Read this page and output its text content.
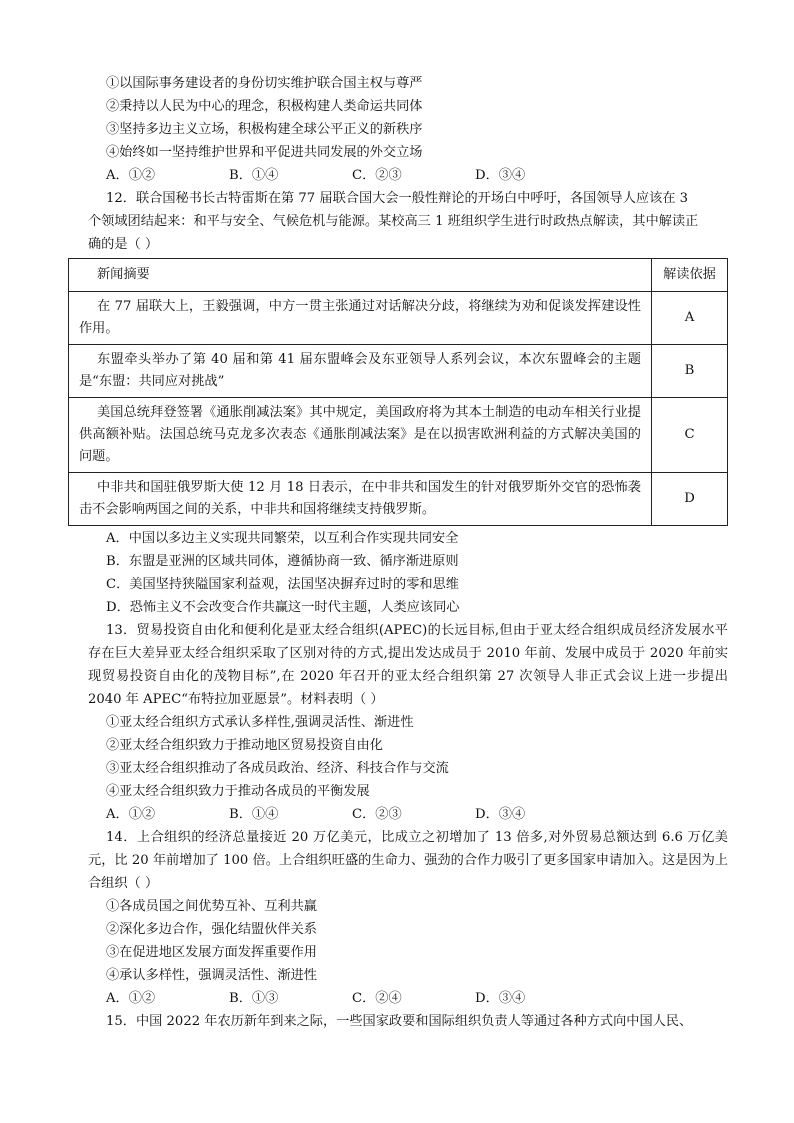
①以国际事务建设者的身份切实维护联合国主权与尊严
②秉持以人民为中心的理念，积极构建人类命运共同体
③坚持多边主义立场，积极构建全球公平正义的新秩序
④始终如一坚持维护世界和平促进共同发展的外交立场
A．①②	B．①④	C．②③	D．③④
12．联合国秘书长古特雷斯在第 77 届联合国大会一般性辩论的开场白中呼吁，各国领导人应该在 3
个领域团结起来：和平与安全、气候危机与能源。某校高三 1 班组织学生进行时政热点解读，其中解读正
确的是（ ）
新闻摘要	解读依据
在 77 届联大上，王毅强调，中方一贯主张通过对话解决分歧，将继续为劝和促谈发挥建设性作用。	A
东盟牵头举办了第 40 届和第 41 届东盟峰会及东亚领导人系列会议，本次东盟峰会的主题是“东盟：共同应对挑战”	B
美国总统拜登签署《通胀削减法案》其中规定，美国政府将为其本土制造的电动车相关行业提供高额补贴。法国总统马克龙多次表态《通胀削减法案》是在以损害欧洲利益的方式解决美国的问题。	C
中非共和国驻俄罗斯大使 12 月 18 日表示，在中非共和国发生的针对俄罗斯外交官的恐怖袭击不会影响两国之间的关系，中非共和国将继续支持俄罗斯。	D
A．中国以多边主义实现共同繁荣，以互利合作实现共同安全
B．东盟是亚洲的区域共同体，遵循协商一致、循序渐进原则
C．美国坚持狭隘国家利益观，法国坚决摒弃过时的零和思维
D．恐怖主义不会改变合作共赢这一时代主题，人类应该同心
13．贸易投资自由化和便利化是亚太经合组织(APEC)的长远目标,但由于亚太经合组织成员经济发展水平存在巨大差异亚太经合组织采取了区别对待的方式,提出发达成员于 2010 年前、发展中成员于 2020 年前实现贸易投资自由化的茂物目标”,在 2020 年召开的亚太经合组织第 27 次领导人非正式会议上进一步提出 2040 年 APEC“布特拉加亚愿景”。材料表明（ ）
①亚太经合组织方式承认多样性,强调灵活性、渐进性
②亚太经合组织致力于推动地区贸易投资自由化
③亚太经合组织推动了各成员政治、经济、科技合作与交流
④亚太经合组织致力于推动各成员的平衡发展
A．①②	B．①④	C．②③	D．③④
14．上合组织的经济总量接近 20 万亿美元，比成立之初增加了 13 倍多,对外贸易总额达到 6.6 万亿美元，比 20 年前增加了 100 倍。上合组织旺盛的生命力、强劲的合作力吸引了更多国家申请加入。这是因为上合组织（ ）
①各成员国之间优势互补、互利共赢
②深化多边合作，强化结盟伙伴关系
③在促进地区发展方面发挥重要作用
④承认多样性，强调灵活性、渐进性
A．①②	B．①③	C．②④	D．③④
15．中国 2022 年农历新年到来之际，一些国家政要和国际组织负责人等通过各种方式向中国人民、
